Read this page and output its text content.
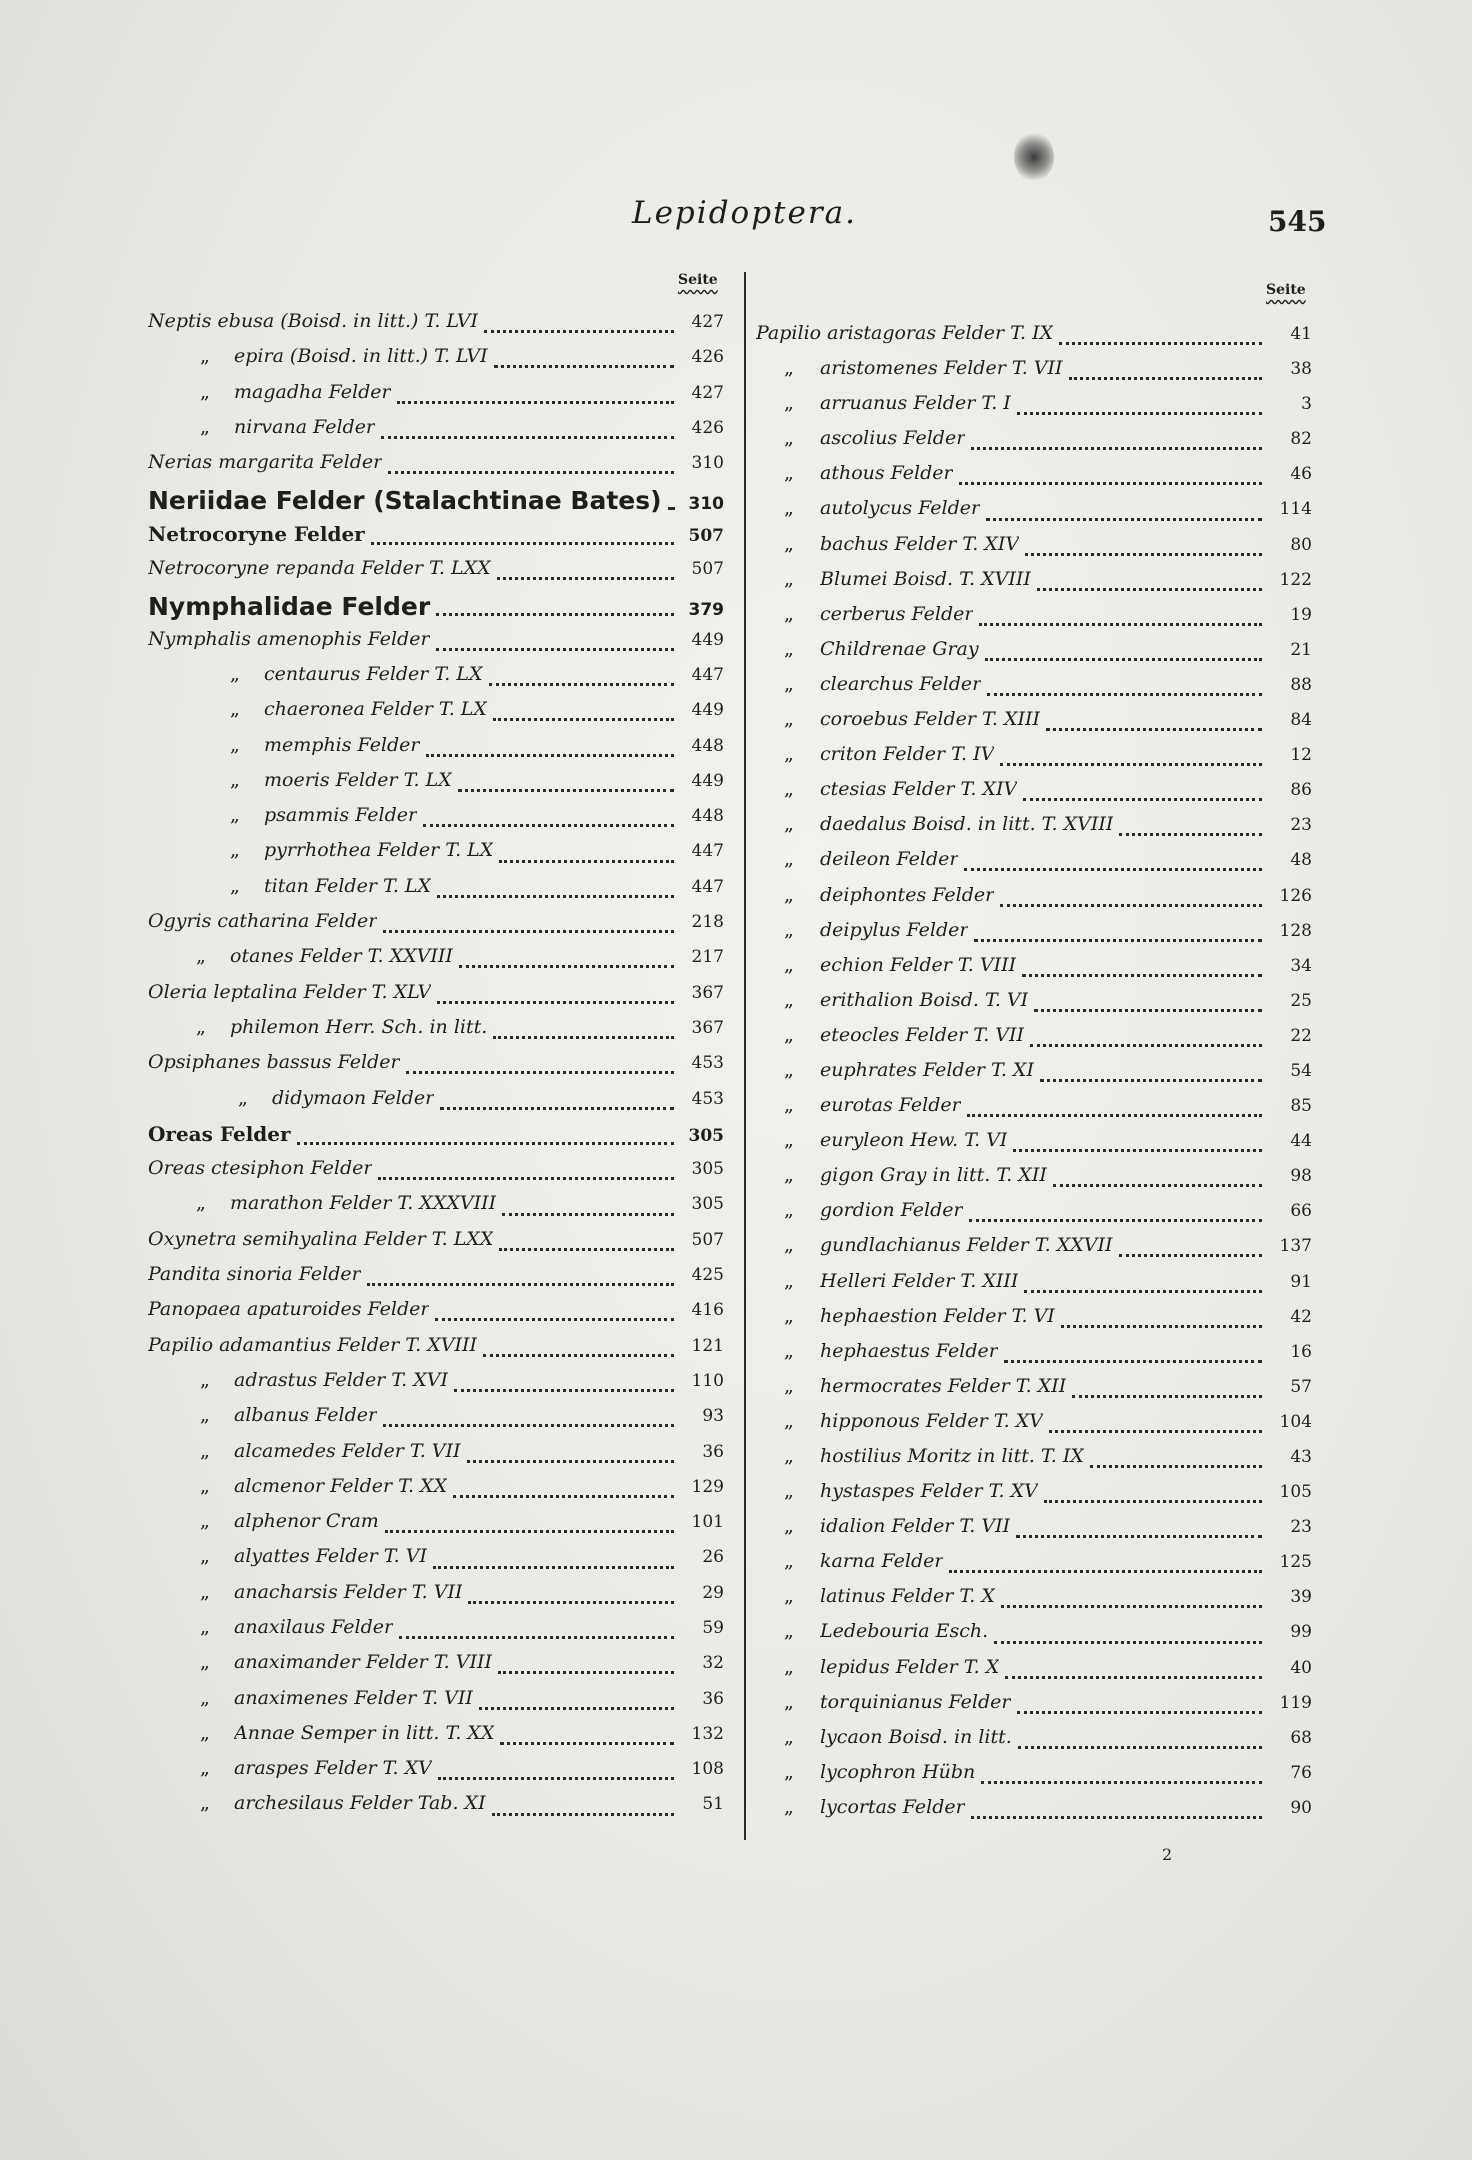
Lepidoptera.	545
Seite
Seite
Neptis ebusa (Boisd. in litt.) T. LVI	427
„ epira (Boisd. in litt.) T. LVI	426
„ magadha Felder	427
„ nirvana Felder	426
Nerias margarita Felder	310
Neriidae Felder (Stalachtinae Bates)	310
Netrocoryne Felder	507
Netrocoryne repanda Felder T. LXX	507
Nymphalidae Felder	379
Nymphalis amenophis Felder	449
„ centaurus Felder T. LX	447
„ chaeronea Felder T. LX	449
„ memphis Felder	448
„ moeris Felder T. LX	449
„ psammis Felder	448
„ pyrrhothea Felder T. LX	447
„ titan Felder T. LX	447
Ogyris catharina Felder	218
„ otanes Felder T. XXVIII	217
Oleria leptalina Felder T. XLV	367
„ philemon Herr. Sch. in litt.	367
Opsiphanes bassus Felder	453
„ didymaon Felder	453
Oreas Felder	305
Oreas ctesiphon Felder	305
„ marathon Felder T. XXXVIII	305
Oxynetra semihyalina Felder T. LXX	507
Pandita sinoria Felder	425
Panopaea apaturoides Felder	416
Papilio adamantius Felder T. XVIII	121
„ adrastus Felder T. XVI	110
„ albanus Felder	93
„ alcamedes Felder T. VII	36
„ alcmenor Felder T. XX	129
„ alphenor Cram	101
„ alyattes Felder T. VI	26
„ anacharsis Felder T. VII	29
„ anaxilaus Felder	59
„ anaximander Felder T. VIII	32
„ anaximenes Felder T. VII	36
„ Annae Semper in litt. T. XX	132
„ araspes Felder T. XV	108
„ archesilaus Felder Tab. XI	51
Papilio aristagoras Felder T. IX	41
„ aristomenes Felder T. VII	38
„ arruanus Felder T. I	3
„ ascolius Felder	82
„ athous Felder	46
„ autolycus Felder	114
„ bachus Felder T. XIV	80
„ Blumei Boisd. T. XVIII	122
„ cerberus Felder	19
„ Childrenae Gray	21
„ clearchus Felder	88
„ coroebus Felder T. XIII	84
„ criton Felder T. IV	12
„ ctesias Felder T. XIV	86
„ daedalus Boisd. in litt. T. XVIII	23
„ deileon Felder	48
„ deiphontes Felder	126
„ deipylus Felder	128
„ echion Felder T. VIII	34
„ erithalion Boisd. T. VI	25
„ eteocles Felder T. VII	22
„ euphrates Felder T. XI	54
„ eurotas Felder	85
„ euryleon Hew. T. VI	44
„ gigon Gray in litt. T. XII	98
„ gordion Felder	66
„ gundlachianus Felder T. XXVII	137
„ Helleri Felder T. XIII	91
„ hephaestion Felder T. VI	42
„ hephaestus Felder	16
„ hermocrates Felder T. XII	57
„ hipponous Felder T. XV	104
„ hostilius Moritz in litt. T. IX	43
„ hystaspes Felder T. XV	105
„ idalion Felder T. VII	23
„ karna Felder	125
„ latinus Felder T. X	39
„ Ledebouria Esch.	99
„ lepidus Felder T. X	40
„ torquinianus Felder	119
„ lycaon Boisd. in litt.	68
„ lycophron Hübn	76
„ lycortas Felder	90
2
